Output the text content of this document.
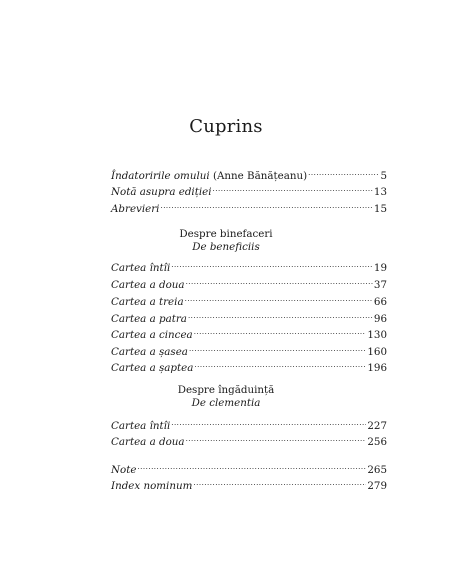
Cuprins
Îndatoririle omului (Anne Bănățeanu) .....	5
Notă asupra ediției .....	13
Abrevieri .....	15
Despre binefaceri
De beneficiis
Cartea întîi .....	19
Cartea a doua .....	37
Cartea a treia .....	66
Cartea a patra .....	96
Cartea a cincea .....	130
Cartea a șasea .....	160
Cartea a șaptea .....	196
Despre îngăduință
De clementia
Cartea întîi .....	227
Cartea a doua .....	256
Note .....	265
Index nominum .....	279
